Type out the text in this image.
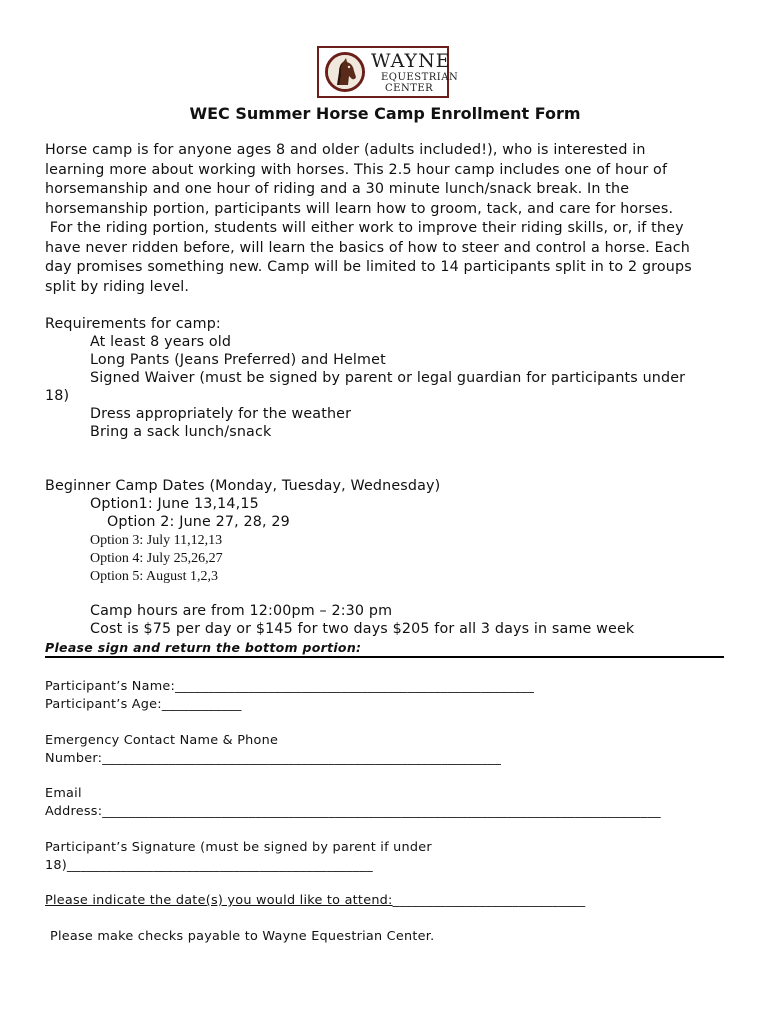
WAYNE
EQUESTRIAN
CENTER
WEC Summer Horse Camp Enrollment Form
Horse camp is for anyone ages 8 and older (adults included!), who is interested in
learning more about working with horses. This 2.5 hour camp includes one of hour of
horsemanship and one hour of riding and a 30 minute lunch/snack break. In the
horsemanship portion, participants will learn how to groom, tack, and care for horses.
For the riding portion, students will either work to improve their riding skills, or, if they
have never ridden before, will learn the basics of how to steer and control a horse. Each
day promises something new. Camp will be limited to 14 participants split in to 2 groups
split by riding level.
Requirements for camp:
At least 8 years old
Long Pants (Jeans Preferred) and Helmet
Signed Waiver (must be signed by parent or legal guardian for participants under
18)
Dress appropriately for the weather
Bring a sack lunch/snack
Beginner Camp Dates (Monday, Tuesday, Wednesday)
Option1: June 13,14,15
Option 2: June 27, 28, 29
Option 3: July 11,12,13
Option 4: July 25,26,27
Option 5: August 1,2,3
Camp hours are from 12:00pm – 2:30 pm
Cost is $75 per day or $145 for two days $205 for all 3 days in same week
Please sign and return the bottom portion:
Participant’s Name:______________________________________________________
Participant’s Age:____________
Emergency Contact Name & Phone
Number:____________________________________________________________
Email
Address:____________________________________________________________________________________
Participant’s Signature (must be signed by parent if under
18)______________________________________________
Please indicate the date(s) you would like to attend:_____________________________
Please make checks payable to Wayne Equestrian Center.
